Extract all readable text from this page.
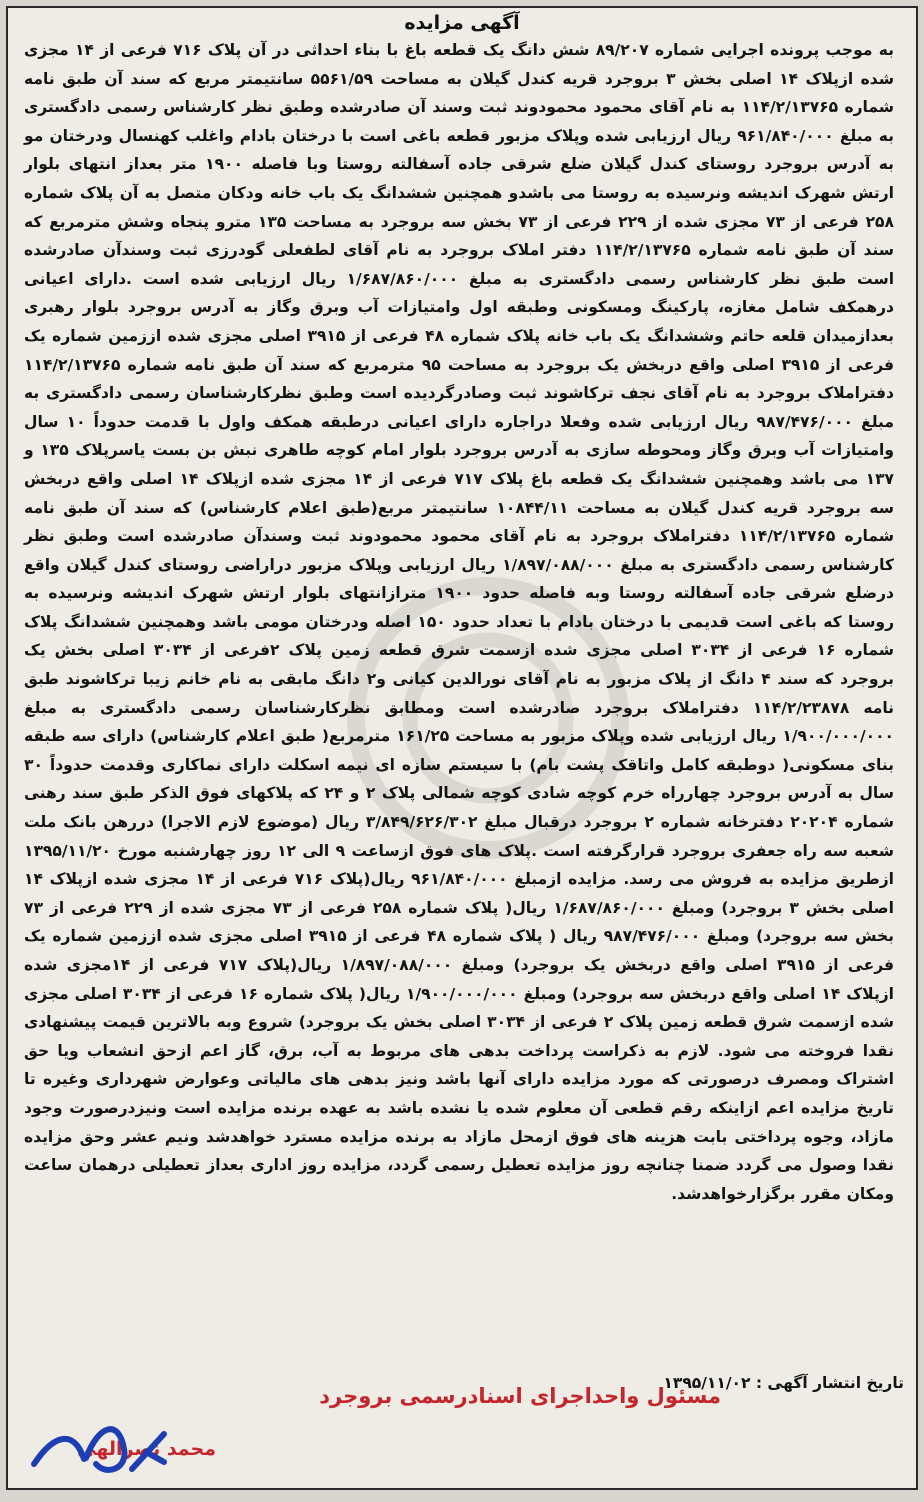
آگهی مزایده
به موجب پرونده اجرایی شماره ۸۹/۲۰۷ شش دانگ یک قطعه باغ با بناء احداثی در آن پلاک ۷۱۶ فرعی از ۱۴ مجزی شده ازپلاک ۱۴ اصلی بخش ۳ بروجرد قریه کندل گیلان به مساحت ۵۵۶۱/۵۹ سانتیمتر مربع که سند آن طبق نامه شماره ۱۱۴/۲/۱۳۷۶۵ به نام آقای محمود محمودوند ثبت وسند آن صادرشده وطبق نظر کارشناس رسمی دادگستری به مبلغ ۹۶۱/۸۴۰/۰۰۰ ریال ارزیابی شده وپلاک مزبور قطعه باغی است با درختان بادام واغلب کهنسال ودرختان مو به آدرس بروجرد روستای کندل گیلان ضلع شرقی جاده آسفالته روستا وبا فاصله ۱۹۰۰ متر بعداز انتهای بلوار ارتش شهرک اندیشه ونرسیده به روستا می باشدو همچنین ششدانگ یک باب خانه ودکان متصل به آن پلاک شماره ۲۵۸ فرعی از ۷۳ مجزی شده از ۲۲۹ فرعی از ۷۳ بخش سه بروجرد به مساحت ۱۳۵ مترو پنجاه وشش مترمربع که سند آن طبق نامه شماره ۱۱۴/۲/۱۳۷۶۵ دفتر املاک بروجرد به نام آقای لطفعلی گودرزی ثبت وسندآن صادرشده است طبق نظر کارشناس رسمی دادگستری به مبلغ ۱/۶۸۷/۸۶۰/۰۰۰ ریال ارزیابی شده است .دارای اعیانی درهمکف شامل مغازه، پارکینگ ومسکونی وطبقه اول وامتیازات آب وبرق وگاز به آدرس بروجرد بلوار رهبری بعدازمیدان قلعه حاتم وششدانگ یک باب خانه پلاک شماره ۴۸ فرعی از ۳۹۱۵ اصلی مجزی شده اززمین شماره یک فرعی از ۳۹۱۵ اصلی واقع دربخش یک بروجرد به مساحت ۹۵ مترمربع که سند آن طبق نامه شماره ۱۱۴/۲/۱۳۷۶۵ دفتراملاک بروجرد به نام آقای نجف ترکاشوند ثبت وصادرگردیده است وطبق نظرکارشناسان رسمی دادگستری به مبلغ ۹۸۷/۴۷۶/۰۰۰ ریال ارزیابی شده وفعلا دراجاره دارای اعیانی درطبقه همکف واول با قدمت حدوداً ۱۰ سال وامتیازات آب وبرق وگاز ومحوطه سازی به آدرس بروجرد بلوار امام کوچه طاهری نبش بن بست یاسرپلاک ۱۳۵ و ۱۳۷ می باشد وهمچنین ششدانگ یک قطعه باغ پلاک ۷۱۷ فرعی از ۱۴ مجزی شده ازپلاک ۱۴ اصلی واقع دربخش سه بروجرد قریه کندل گیلان به مساحت ۱۰۸۴۴/۱۱ سانتیمتر مربع(طبق اعلام کارشناس) که سند آن طبق نامه شماره ۱۱۴/۲/۱۳۷۶۵ دفتراملاک بروجرد به نام آقای محمود محمودوند ثبت وسندآن صادرشده است وطبق نظر کارشناس رسمی دادگستری به مبلغ ۱/۸۹۷/۰۸۸/۰۰۰ ریال ارزیابی وپلاک مزبور دراراضی روستای کندل گیلان واقع درضلع شرقی جاده آسفالته روستا وبه فاصله حدود ۱۹۰۰ مترازانتهای بلوار ارتش شهرک اندیشه ونرسیده به روستا که باغی است قدیمی با درختان بادام با تعداد حدود ۱۵۰ اصله ودرختان مومی باشد وهمچنین ششدانگ پلاک شماره ۱۶ فرعی از ۳۰۳۴ اصلی مجزی شده ازسمت شرق قطعه زمین پلاک ۲فرعی از ۳۰۳۴ اصلی بخش یک بروجرد که سند ۴ دانگ از پلاک مزبور به نام آقای نورالدین کیانی و۲ دانگ مابقی به نام خانم زیبا ترکاشوند طبق نامه ۱۱۴/۲/۲۳۸۷۸ دفتراملاک بروجرد صادرشده است ومطابق نظرکارشناسان رسمی دادگستری به مبلغ ۱/۹۰۰/۰۰۰/۰۰۰ ریال ارزیابی شده وپلاک مزبور به مساحت ۱۶۱/۲۵ مترمربع( طبق اعلام کارشناس) دارای سه طبقه بنای مسکونی( دوطبقه کامل واتاقک پشت بام) با سیستم سازه ای نیمه اسکلت دارای نماکاری وقدمت حدوداً ۳۰ سال به آدرس بروجرد چهارراه خرم کوچه شادی کوچه شمالی پلاک ۲ و ۲۴ که پلاکهای فوق الذکر طبق سند رهنی شماره ۲۰۲۰۴ دفترخانه شماره ۲ بروجرد درقبال مبلغ ۳/۸۴۹/۶۲۶/۳۰۲ ریال (موضوع لازم الاجرا) دررهن بانک ملت شعبه سه راه جعفری بروجرد قرارگرفته است .پلاک های فوق ازساعت ۹ الی ۱۲ روز چهارشنبه مورخ ۱۳۹۵/۱۱/۲۰ ازطریق مزایده به فروش می رسد. مزایده ازمبلغ ۹۶۱/۸۴۰/۰۰۰ ریال(پلاک ۷۱۶ فرعی از ۱۴ مجزی شده ازپلاک ۱۴ اصلی بخش ۳ بروجرد) ومبلغ ۱/۶۸۷/۸۶۰/۰۰۰ ریال( پلاک شماره ۲۵۸ فرعی از ۷۳ مجزی شده از ۲۲۹ فرعی از ۷۳ بخش سه بروجرد) ومبلغ ۹۸۷/۴۷۶/۰۰۰ ریال ( پلاک شماره ۴۸ فرعی از ۳۹۱۵ اصلی مجزی شده اززمین شماره یک فرعی از ۳۹۱۵ اصلی واقع دربخش یک بروجرد) ومبلغ ۱/۸۹۷/۰۸۸/۰۰۰ ریال(پلاک ۷۱۷ فرعی از ۱۴مجزی شده ازپلاک ۱۴ اصلی واقع دربخش سه بروجرد) ومبلغ ۱/۹۰۰/۰۰۰/۰۰۰ ریال( پلاک شماره ۱۶ فرعی از ۳۰۳۴ اصلی مجزی شده ازسمت شرق قطعه زمین پلاک ۲ فرعی از ۳۰۳۴ اصلی بخش یک بروجرد) شروع وبه بالاترین قیمت پیشنهادی نقدا فروخته می شود. لازم به ذکراست پرداخت بدهی های مربوط به آب، برق، گاز اعم ازحق انشعاب ویا حق اشتراک ومصرف درصورتی که مورد مزایده دارای آنها باشد ونیز بدهی های مالیاتی وعوارض شهرداری وغیره تا تاریخ مزایده اعم ازاینکه رقم قطعی آن معلوم شده یا نشده باشد به عهده برنده مزایده است ونیزدرصورت وجود مازاد، وجوه پرداختی بابت هزینه های فوق ازمحل مازاد به برنده مزایده مسترد خواهدشد ونیم عشر وحق مزایده نقدا وصول می گردد ضمنا چنانچه روز مزایده تعطیل رسمی گردد، مزایده روز اداری بعداز تعطیلی درهمان ساعت ومکان مقرر برگزارخواهدشد.
تاریخ انتشار آگهی : ۱۳۹۵/۱۱/۰۲
مسئول واحداجرای اسنادرسمی بروجرد
محمد نصرالهی
